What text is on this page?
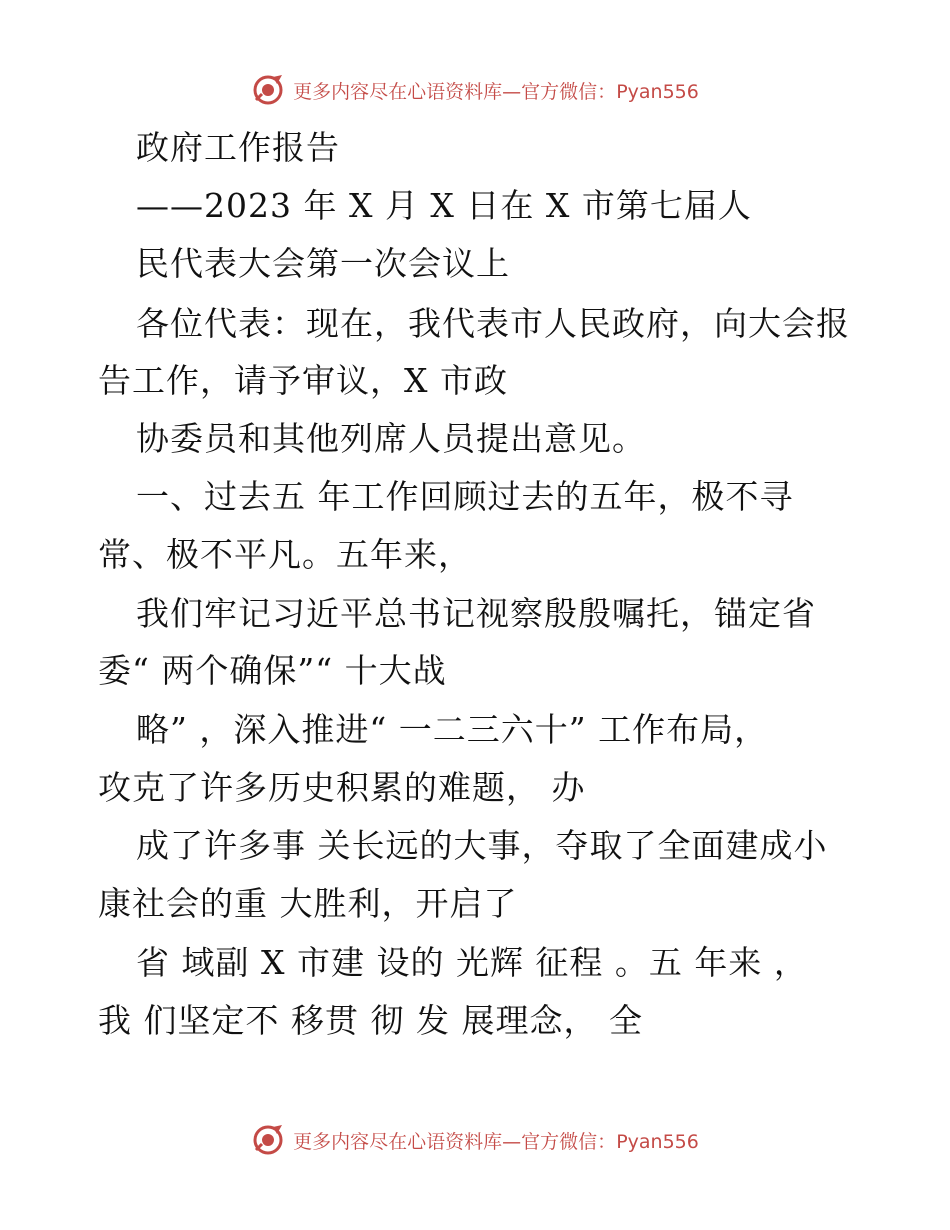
更多内容尽在心语资料库—官方微信：Pyan556
政府工作报告
——2023 年 X 月 X 日在 X 市第七届人
民代表大会第一次会议上
各位代表：现在，我代表市人民政府，向大会报
告工作，请予审议，X 市政
协委员和其他列席人员提出意见。
一、过去五 年工作回顾过去的五年，极不寻
常、极不平凡。五年来，
我们牢记习近平总书记视察殷殷嘱托，锚定省
委“ 两个确保”“ 十大战
略” ，深入推进“ 一二三六十” 工作布局，
攻克了许多历史积累的难题， 办
成了许多事 关长远的大事，夺取了全面建成小
康社会的重 大胜利，开启了
省 域副 X 市建 设的 光辉 征程 。五 年来 ，
我 们坚定不 移贯 彻 发 展理念， 全
更多内容尽在心语资料库—官方微信：Pyan556
